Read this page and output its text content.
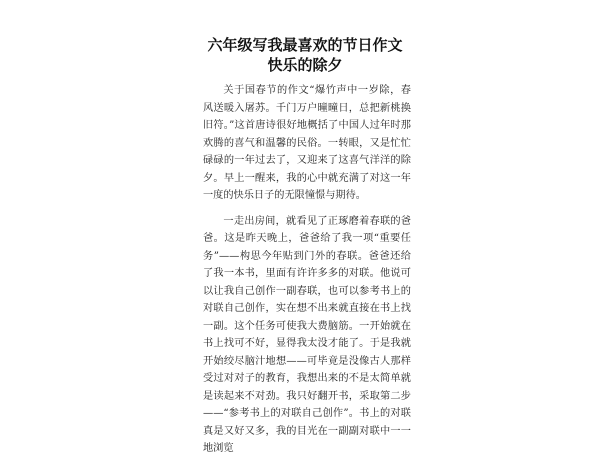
六年级写我最喜欢的节日作文 快乐的除夕

关于国春节的作文“爆竹声中一岁除，春风送暖入屠苏。千门万户曈曈日，总把新桃换旧符。”这首唐诗很好地概括了中国人过年时那欢腾的喜气和温馨的民俗。一转眼，又是忙忙碌碌的一年过去了，又迎来了这喜气洋洋的除夕。早上一醒来，我的心中就充满了对这一年一度的快乐日子的无限憧憬与期待。

一走出房间，就看见了正琢磨着春联的爸爸。这是昨天晚上，爸爸给了我一项“重要任务”——构思今年贴到门外的春联。爸爸还给了我一本书，里面有许许多多的对联。他说可以让我自己创作一副春联，也可以参考书上的对联自己创作，实在想不出来就直接在书上找一副。这个任务可使我大费脑筋。一开始就在书上找可不好，显得我太没才能了。于是我就开始绞尽脑汁地想——可毕竟是没像古人那样受过对对子的教育，我想出来的不是太简单就是读起来不对劲。我只好翻开书，采取第二步——“参考书上的对联自己创作”。书上的对联真是又好又多，我的目光在一副副对联中一一地浏览
